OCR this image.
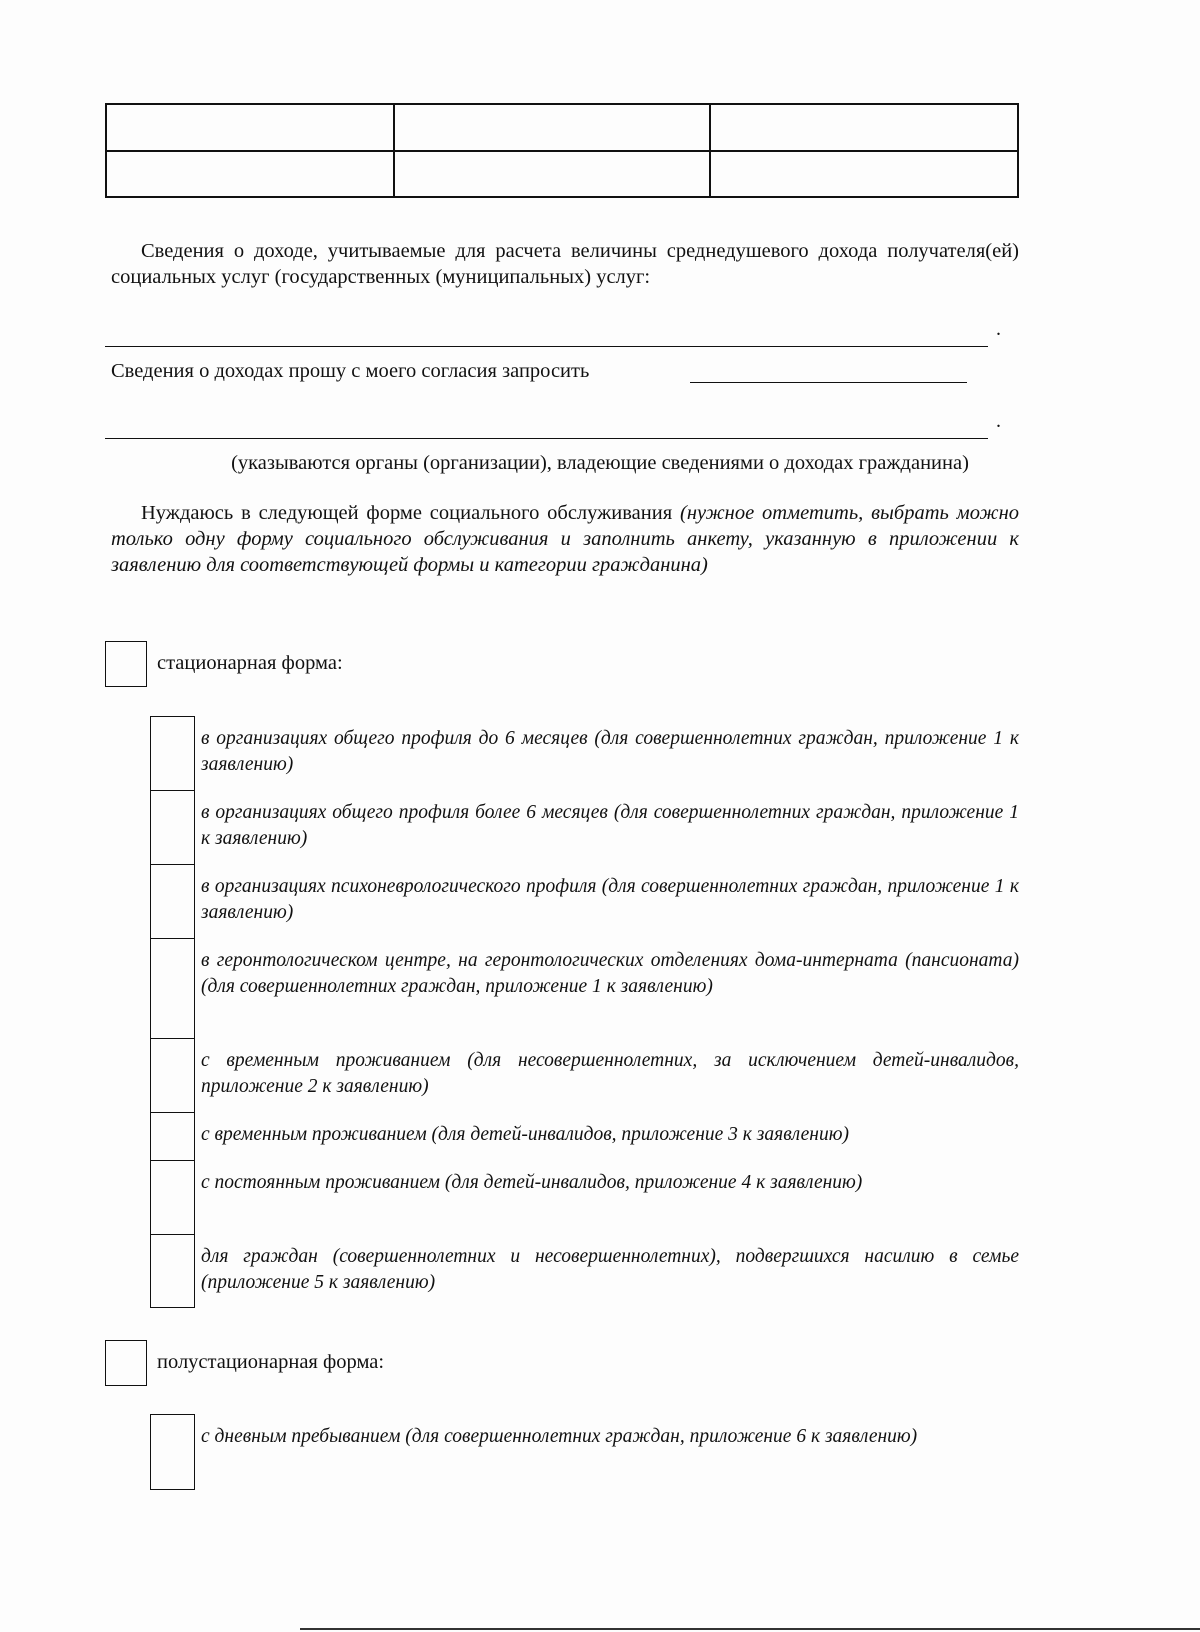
Сведения о доходе, учитываемые для расчета величины среднедушевого дохода получателя(ей) социальных услуг (государственных (муниципальных) услуг:
.
Сведения о доходах прошу с моего согласия запросить
.
(указываются органы (организации), владеющие сведениями о доходах гражданина)
Нуждаюсь в следующей форме социального обслуживания (нужное отметить, выбрать можно только одну форму социального обслуживания и заполнить анкету, указанную в приложении к заявлению для соответствующей формы и категории гражданина)
стационарная форма:
в организациях общего профиля до 6 месяцев (для совершеннолетних граждан, приложение 1 к заявлению)
в организациях общего профиля более 6 месяцев (для совершеннолетних граждан, приложение 1 к заявлению)
в организациях психоневрологического профиля (для совершеннолетних граждан, приложение 1 к заявлению)
в геронтологическом центре, на геронтологических отделениях дома-интерната (пансионата) (для совершеннолетних граждан, приложение 1 к заявлению)
с временным проживанием (для несовершеннолетних, за исключением детей-инвалидов, приложение 2 к заявлению)
с временным проживанием (для детей-инвалидов, приложение 3 к заявлению)
с постоянным проживанием (для детей-инвалидов, приложение 4 к заявлению)
для граждан (совершеннолетних и несовершеннолетних), подвергшихся насилию в семье (приложение 5 к заявлению)
полустационарная форма:
с дневным пребыванием (для совершеннолетних граждан, приложение 6 к заявлению)
